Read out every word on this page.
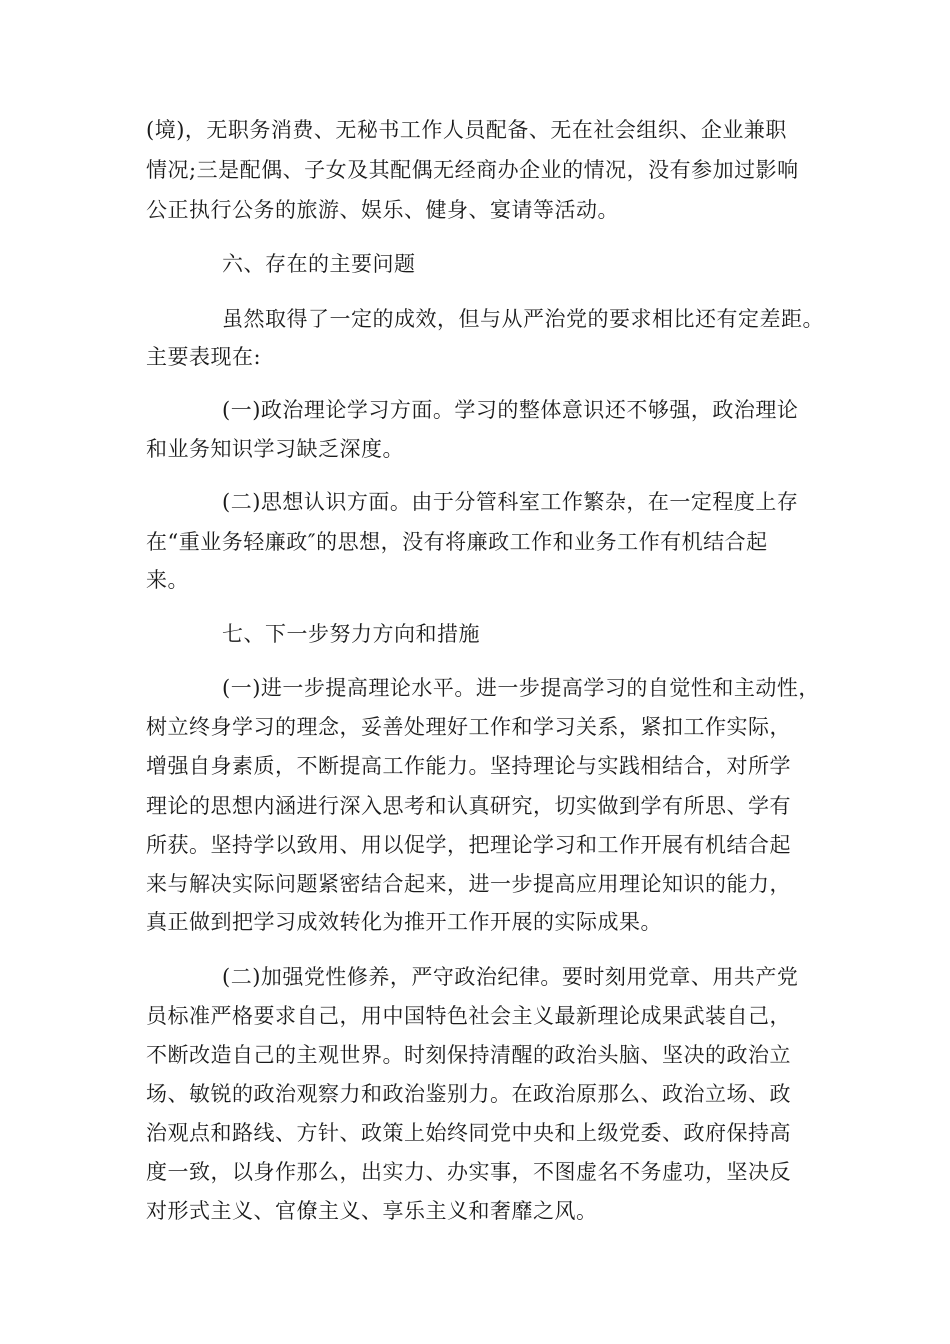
(境)，无职务消费、无秘书工作人员配备、无在社会组织、企业兼职
情况;三是配偶、子女及其配偶无经商办企业的情况，没有参加过影响
公正执行公务的旅游、娱乐、健身、宴请等活动。
六、存在的主要问题
虽然取得了一定的成效，但与从严治党的要求相比还有定差距。
主要表现在:
(一)政治理论学习方面。学习的整体意识还不够强，政治理论
和业务知识学习缺乏深度。
(二)思想认识方面。由于分管科室工作繁杂，在一定程度上存
在“重业务轻廉政″的思想，没有将廉政工作和业务工作有机结合起
来。
七、下一步努力方向和措施
(一)进一步提高理论水平。进一步提高学习的自觉性和主动性，
树立终身学习的理念，妥善处理好工作和学习关系，紧扣工作实际，
增强自身素质，不断提高工作能力。坚持理论与实践相结合，对所学
理论的思想内涵进行深入思考和认真研究，切实做到学有所思、学有
所获。坚持学以致用、用以促学，把理论学习和工作开展有机结合起
来与解决实际问题紧密结合起来，进一步提高应用理论知识的能力，
真正做到把学习成效转化为推开工作开展的实际成果。
(二)加强党性修养，严守政治纪律。要时刻用党章、用共产党
员标准严格要求自己，用中国特色社会主义最新理论成果武装自己，
不断改造自己的主观世界。时刻保持清醒的政治头脑、坚决的政治立
场、敏锐的政治观察力和政治鉴别力。在政治原那么、政治立场、政
治观点和路线、方针、政策上始终同党中央和上级党委、政府保持高
度一致，以身作那么，出实力、办实事，不图虚名不务虚功，坚决反
对形式主义、官僚主义、享乐主义和奢靡之风。
